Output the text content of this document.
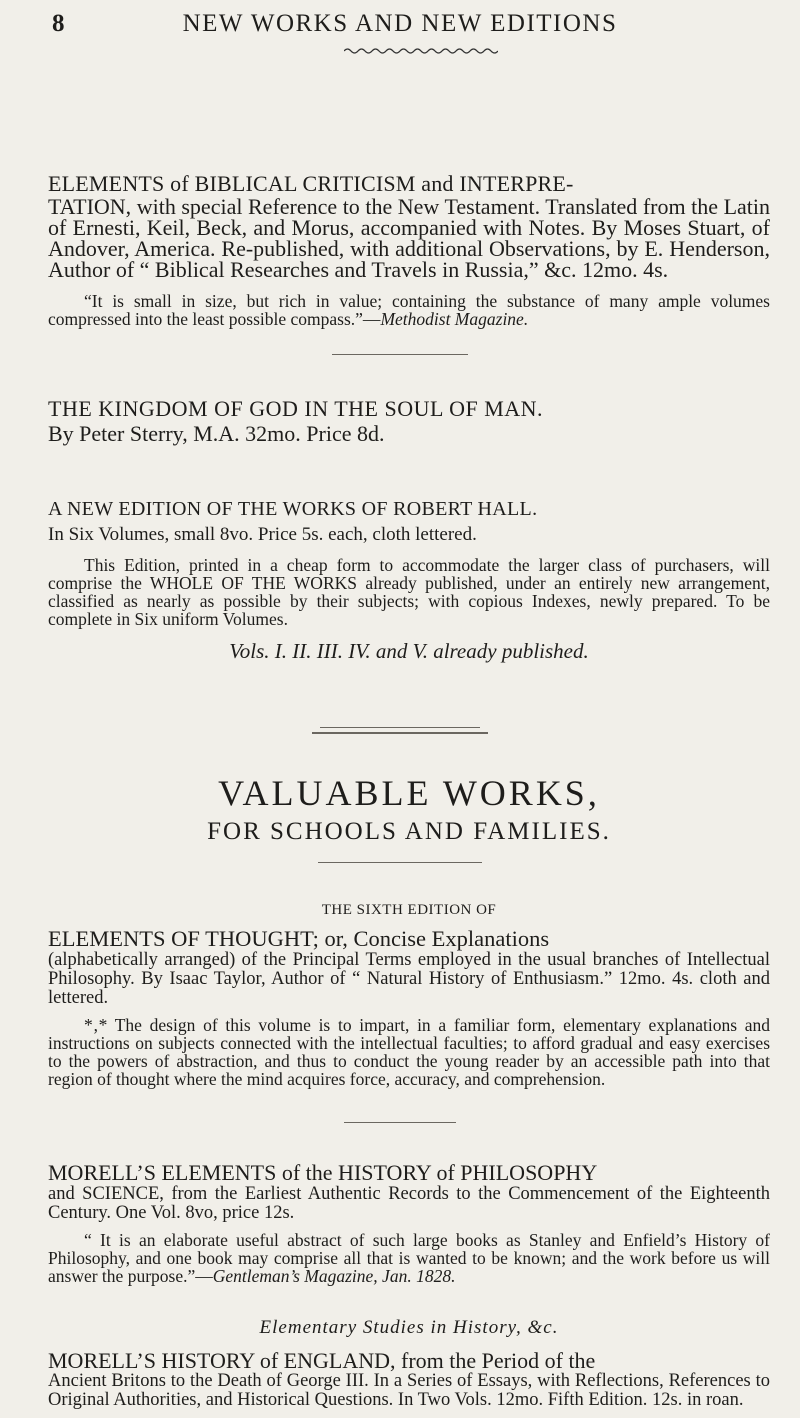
8	NEW WORKS AND NEW EDITIONS

ELEMENTS of BIBLICAL CRITICISM and INTERPRE-

TATION, with special Reference to the New Testament. Translated from the Latin of Ernesti, Keil, Beck, and Morus, accompanied with Notes. By Moses Stuart, of Andover, America. Re-published, with additional Observations, by E. Henderson, Author of “ Biblical Researches and Travels in Russia,” &c. 12mo. 4s.

“It is small in size, but rich in value; containing the substance of many ample volumes compressed into the least possible compass.”—Methodist Magazine.

THE KINGDOM OF GOD IN THE SOUL OF MAN.

By Peter Sterry, M.A. 32mo. Price 8d.

A NEW EDITION OF THE WORKS OF ROBERT HALL.

In Six Volumes, small 8vo. Price 5s. each, cloth lettered.

This Edition, printed in a cheap form to accommodate the larger class of purchasers, will comprise the WHOLE OF THE WORKS already published, under an entirely new arrangement, classified as nearly as possible by their subjects; with copious Indexes, newly prepared. To be complete in Six uniform Volumes.

Vols. I. II. III. IV. and V. already published.

VALUABLE WORKS,

FOR SCHOOLS AND FAMILIES.

THE SIXTH EDITION OF

ELEMENTS OF THOUGHT; or, Concise Explanations

(alphabetically arranged) of the Principal Terms employed in the usual branches of Intellectual Philosophy. By Isaac Taylor, Author of “ Natural History of Enthusiasm.” 12mo. 4s. cloth and lettered.

*‚* The design of this volume is to impart, in a familiar form, elementary explanations and instructions on subjects connected with the intellectual faculties; to afford gradual and easy exercises to the powers of abstraction, and thus to conduct the young reader by an accessible path into that region of thought where the mind acquires force, accuracy, and comprehension.

MORELL’S ELEMENTS of the HISTORY of PHILOSOPHY

and SCIENCE, from the Earliest Authentic Records to the Commencement of the Eighteenth Century. One Vol. 8vo, price 12s.

“ It is an elaborate useful abstract of such large books as Stanley and Enfield’s History of Philosophy, and one book may comprise all that is wanted to be known; and the work before us will answer the purpose.”—Gentleman’s Magazine, Jan. 1828.

Elementary Studies in History, &c.

MORELL’S HISTORY of ENGLAND, from the Period of the

Ancient Britons to the Death of George III. In a Series of Essays, with Reflections, References to Original Authorities, and Historical Questions. In Two Vols. 12mo. Fifth Edition. 12s. in roan.
